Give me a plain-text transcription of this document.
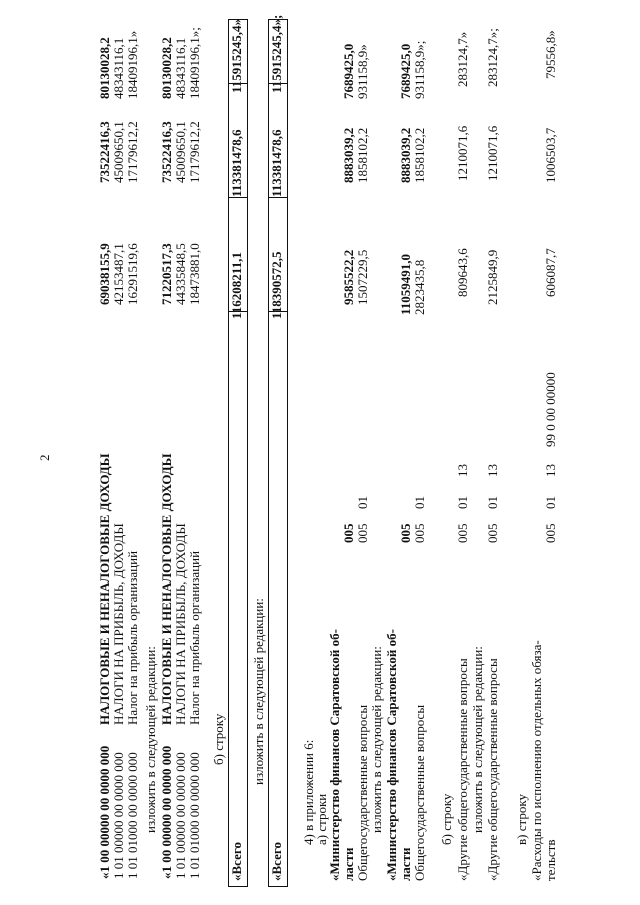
2
«1 00 00000 00 0000 000
НАЛОГОВЫЕ И НЕНАЛОГОВЫЕ ДОХОДЫ
69038155,9
73522416,3
80130028,2
1 01 00000 00 0000 000
НАЛОГИ НА ПРИБЫЛЬ, ДОХОДЫ
42153487,1
45009650,1
48343116,1
1 01 01000 00 0000 000
Налог на прибыль организаций
16291519,6
17179612,2
18409196,1»
изложить в следующей редакции: «1 00 00000 00 0000 000
НАЛОГОВЫЕ И НЕНАЛОГОВЫЕ ДОХОДЫ
71220517,3
73522416,3
80130028,2
1 01 00000 00 0000 000
НАЛОГИ НА ПРИБЫЛЬ, ДОХОДЫ
44335848,5
45009650,1
48343116,1
1 01 01000 00 0000 000
Налог на прибыль организаций
18473881,0
17179612,2
18409196,1»;
б) строку
«Всего
116208211,1
113381478,6
115915245,4»
изложить в следующей редакции:
«Всего
118390572,5
113381478,6
115915245,4»;
4) в приложении 6:
а) строки
«Министерство финансов Саратовской об- ласти
005
9585522,2
8883039,2
7689425,0
Общегосударственные вопросы
005
01
1507229,5
1858102,2
931158,9»
изложить в следующей редакции: «Министерство финансов Саратовской об- ласти
005
11059491,0
8883039,2
7689425,0
Общегосударственные вопросы
005
01
2823435,8
1858102,2
931158,9»;
б) строку «Другие общегосударственные вопросы
005
01
13
809643,6
1210071,6
283124,7»
изложить в следующей редакции: «Другие общегосударственные вопросы
005
01
13
2125849,9
1210071,6
283124,7»;
в) строку «Расходы по исполнению отдельных обяза- тельств
005
01
13
99 0 00 00000
606087,7
1006503,7
79556,8»
